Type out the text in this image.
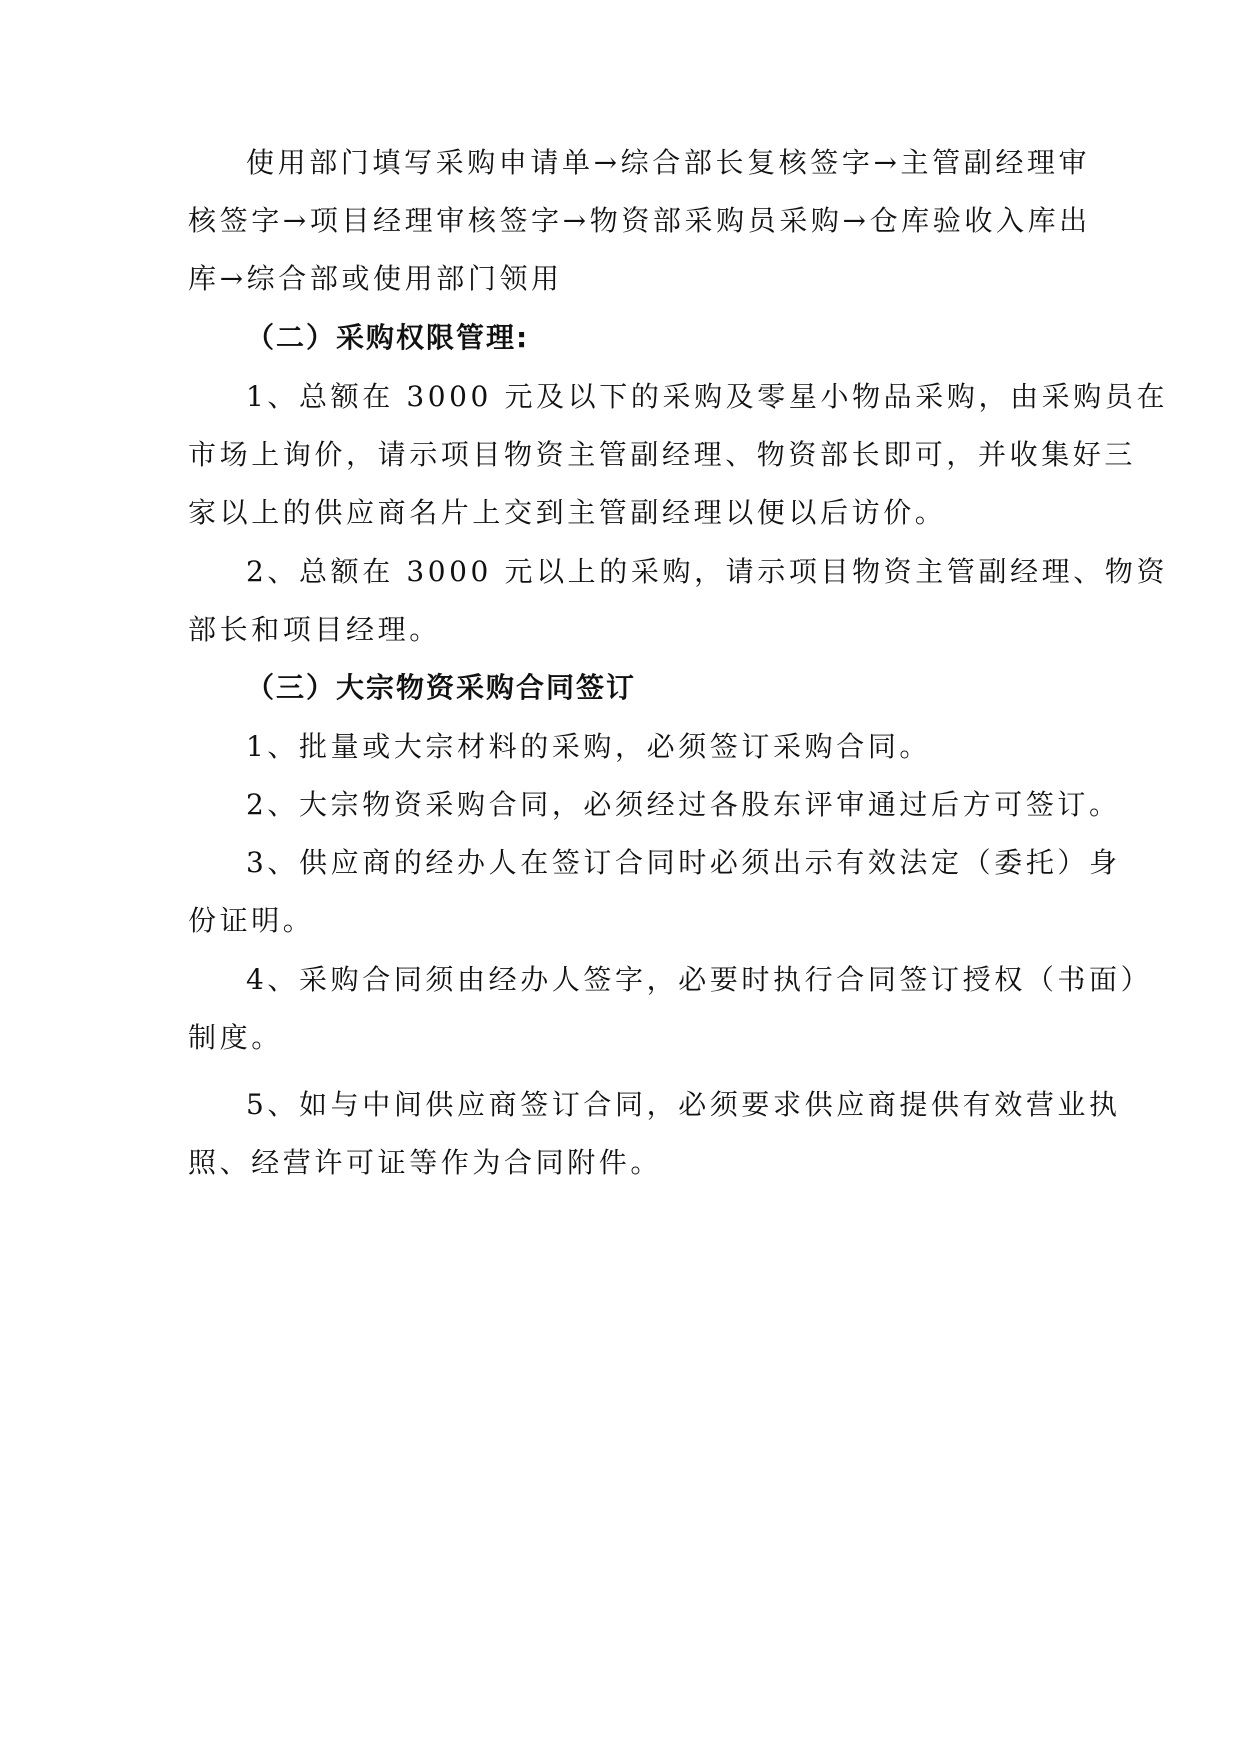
使用部门填写采购申请单→综合部长复核签字→主管副经理审
核签字→项目经理审核签字→物资部采购员采购→仓库验收入库出
库→综合部或使用部门领用
（二）采购权限管理:
1、总额在 3000 元及以下的采购及零星小物品采购，由采购员在
市场上询价，请示项目物资主管副经理、物资部长即可，并收集好三
家以上的供应商名片上交到主管副经理以便以后访价。
2、总额在 3000 元以上的采购，请示项目物资主管副经理、物资
部长和项目经理。
（三）大宗物资采购合同签订
1、批量或大宗材料的采购，必须签订采购合同。
2、大宗物资采购合同，必须经过各股东评审通过后方可签订。
3、供应商的经办人在签订合同时必须出示有效法定（委托）身
份证明。
4、采购合同须由经办人签字，必要时执行合同签订授权（书面）
制度。
5、如与中间供应商签订合同，必须要求供应商提供有效营业执
照、经营许可证等作为合同附件。
